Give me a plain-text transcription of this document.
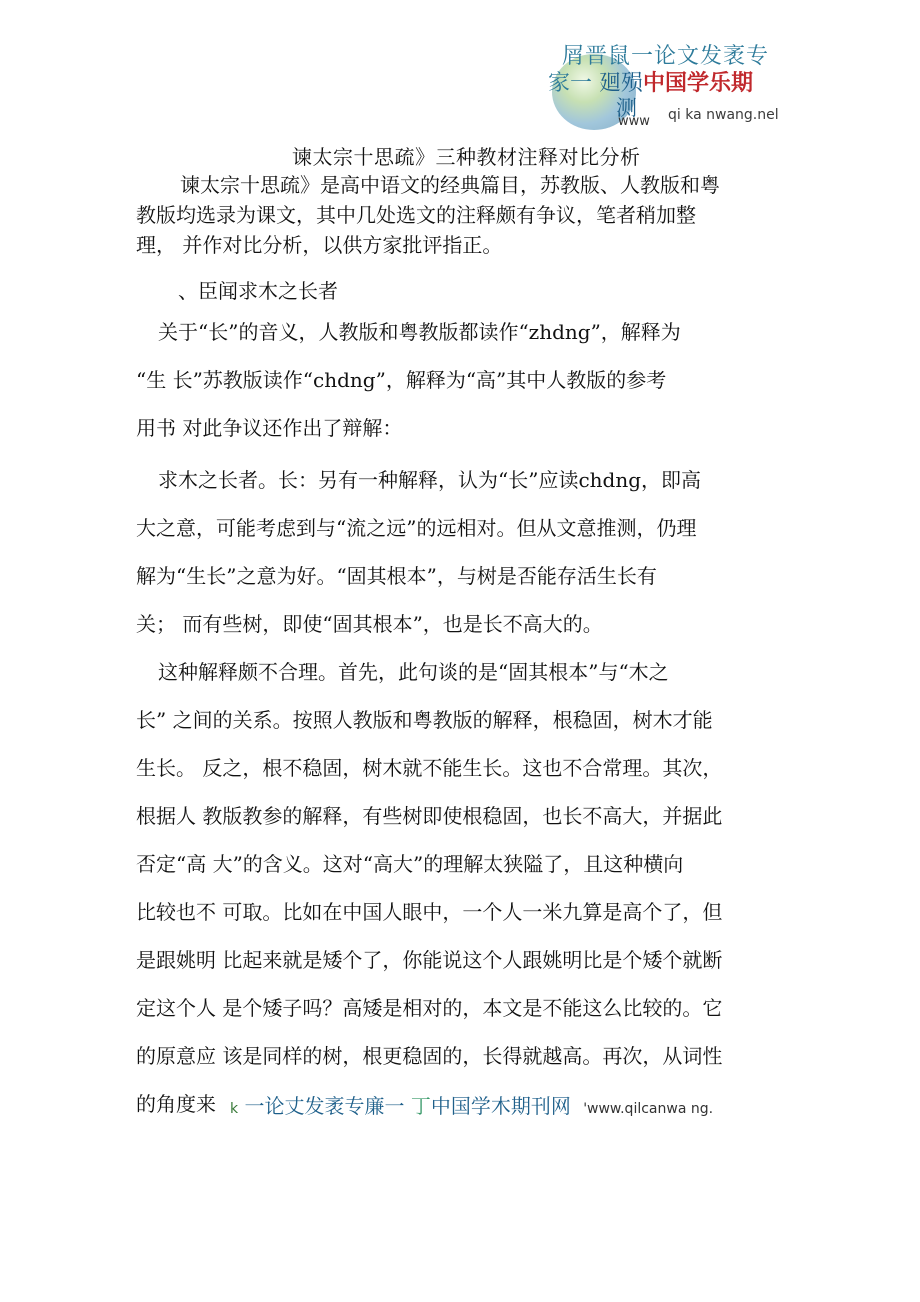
屑晋鼠一论文发袤专
家一 廻殒中国学乐期
测
www qi ka nwang.nel
谏太宗十思疏》三种教材注释对比分析
谏太宗十思疏》是高中语文的经典篇目，苏教版、人教版和粤
教版均选录为课文，其中几处选文的注释颇有争议，笔者稍加整
理， 并作对比分析，以供方家批评指正。
、臣闻求木之长者
关于“长”的音义，人教版和粤教版都读作“zhdng”，解释为
“生 长”苏教版读作“chdng”，解释为“高”其中人教版的参考
用书 对此争议还作出了辩解：
求木之长者。长：另有一种解释，认为“长”应读chdng，即高
大之意，可能考虑到与“流之远”的远相对。但从文意推测，仍理
解为“生长”之意为好。“固其根本”，与树是否能存活生长有
关； 而有些树，即使“固其根本”，也是长不高大的。
这种解释颇不合理。首先，此句谈的是“固其根本”与“木之
长” 之间的关系。按照人教版和粤教版的解释，根稳固，树木才能
生长。 反之，根不稳固，树木就不能生长。这也不合常理。其次，
根据人 教版教参的解释，有些树即使根稳固，也长不高大，并据此
否定“高 大”的含义。这对“高大”的理解太狭隘了，且这种横向
比较也不 可取。比如在中国人眼中，一个人一米九算是高个了，但
是跟姚明 比起来就是矮个了，你能说这个人跟姚明比是个矮个就断
定这个人 是个矮子吗？高矮是相对的，本文是不能这么比较的。它
的原意应 该是同样的树，根更稳固的，长得就越高。再次，从词性
的角度来 k 一论丈发袤专廉一 丁中国学木期刊网 'www.qilcanwa ng.
